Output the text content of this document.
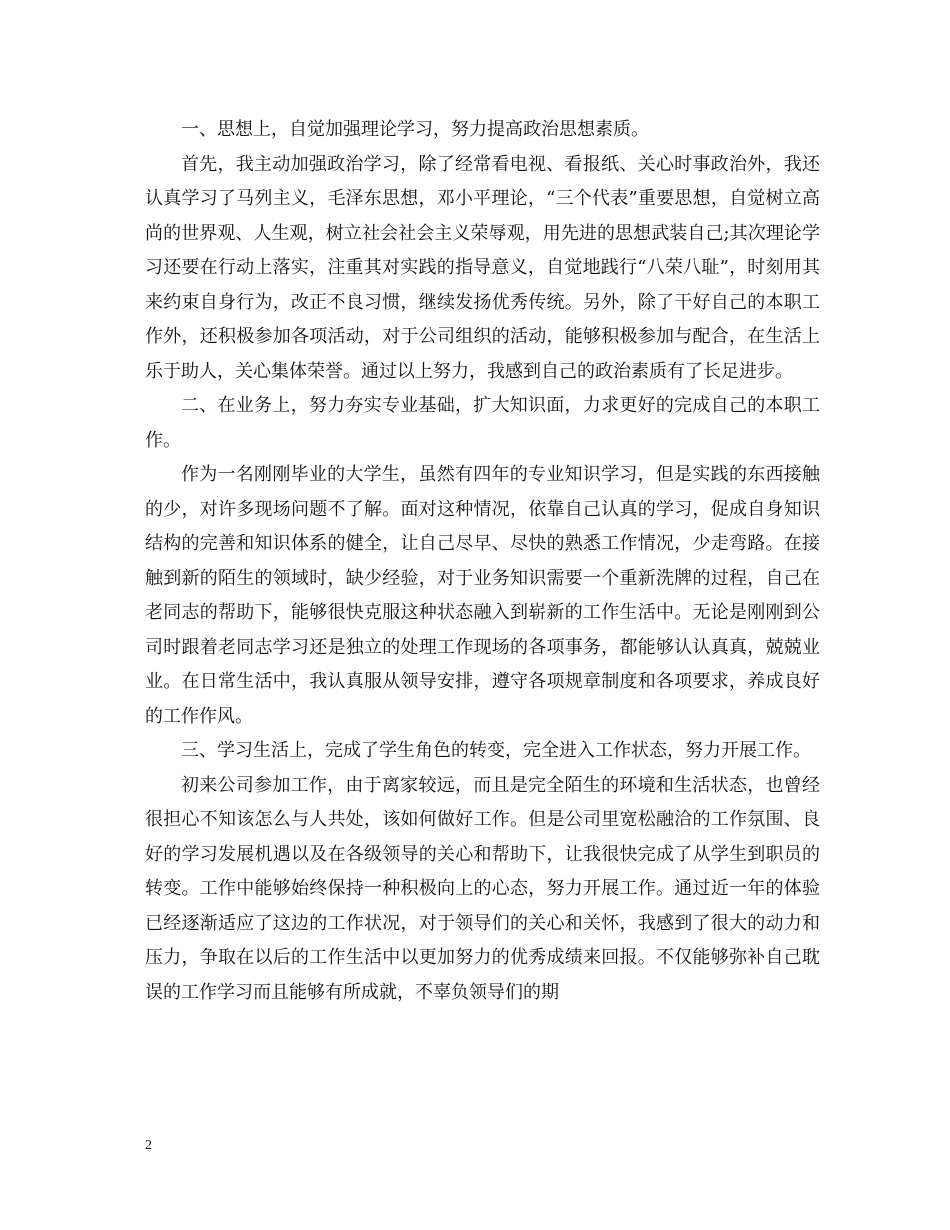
一、思想上，自觉加强理论学习，努力提高政治思想素质。

首先，我主动加强政治学习，除了经常看电视、看报纸、关心时事政治外，我还认真学习了马列主义，毛泽东思想，邓小平理论，“三个代表”重要思想，自觉树立高尚的世界观、人生观，树立社会社会主义荣辱观，用先进的思想武装自己;其次理论学习还要在行动上落实，注重其对实践的指导意义，自觉地践行“八荣八耻”，时刻用其来约束自身行为，改正不良习惯，继续发扬优秀传统。另外，除了干好自己的本职工作外，还积极参加各项活动，对于公司组织的活动，能够积极参加与配合，在生活上乐于助人，关心集体荣誉。通过以上努力，我感到自己的政治素质有了长足进步。

二、在业务上，努力夯实专业基础，扩大知识面，力求更好的完成自己的本职工作。

作为一名刚刚毕业的大学生，虽然有四年的专业知识学习，但是实践的东西接触的少，对许多现场问题不了解。面对这种情况，依靠自己认真的学习，促成自身知识结构的完善和知识体系的健全，让自己尽早、尽快的熟悉工作情况，少走弯路。在接触到新的陌生的领域时，缺少经验，对于业务知识需要一个重新洗牌的过程，自己在老同志的帮助下，能够很快克服这种状态融入到崭新的工作生活中。无论是刚刚到公司时跟着老同志学习还是独立的处理工作现场的各项事务，都能够认认真真，兢兢业业。在日常生活中，我认真服从领导安排，遵守各项规章制度和各项要求，养成良好的工作作风。

三、学习生活上，完成了学生角色的转变，完全进入工作状态，努力开展工作。

初来公司参加工作，由于离家较远，而且是完全陌生的环境和生活状态，也曾经很担心不知该怎么与人共处，该如何做好工作。但是公司里宽松融洽的工作氛围、良好的学习发展机遇以及在各级领导的关心和帮助下，让我很快完成了从学生到职员的转变。工作中能够始终保持一种积极向上的心态，努力开展工作。通过近一年的体验已经逐渐适应了这边的工作状况，对于领导们的关心和关怀，我感到了很大的动力和压力，争取在以后的工作生活中以更加努力的优秀成绩来回报。不仅能够弥补自己耽误的工作学习而且能够有所成就，不辜负领导们的期

2
